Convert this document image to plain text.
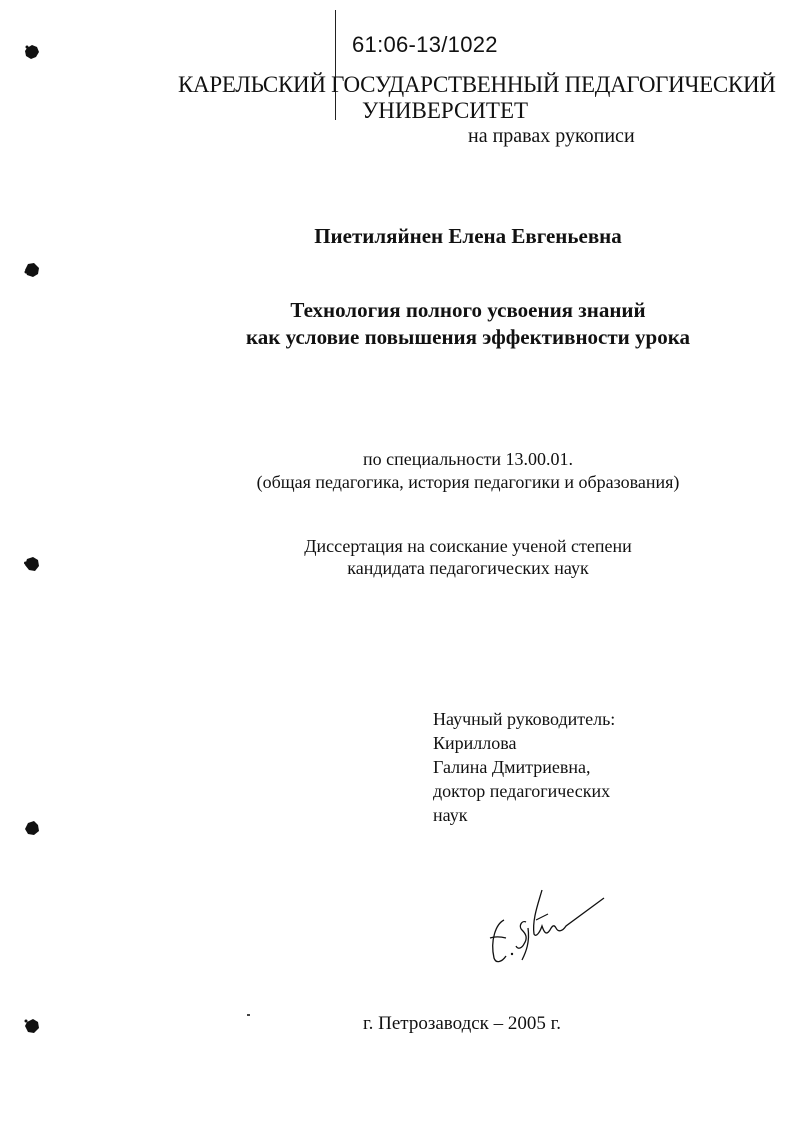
61:06-13/1022
КАРЕЛЬСКИЙ ГОСУДАРСТВЕННЫЙ ПЕДАГОГИЧЕСКИЙ
УНИВЕРСИТЕТ
на правах рукописи
Пиетиляйнен Елена Евгеньевна
Технология полного усвоения знаний
как условие повышения эффективности урока
по специальности 13.00.01.
(общая педагогика, история педагогики и образования)
Диссертация на соискание ученой степени
кандидата педагогических наук
Научный руководитель:
Кириллова
Галина Дмитриевна,
доктор педагогических
наук
г. Петрозаводск – 2005 г.
